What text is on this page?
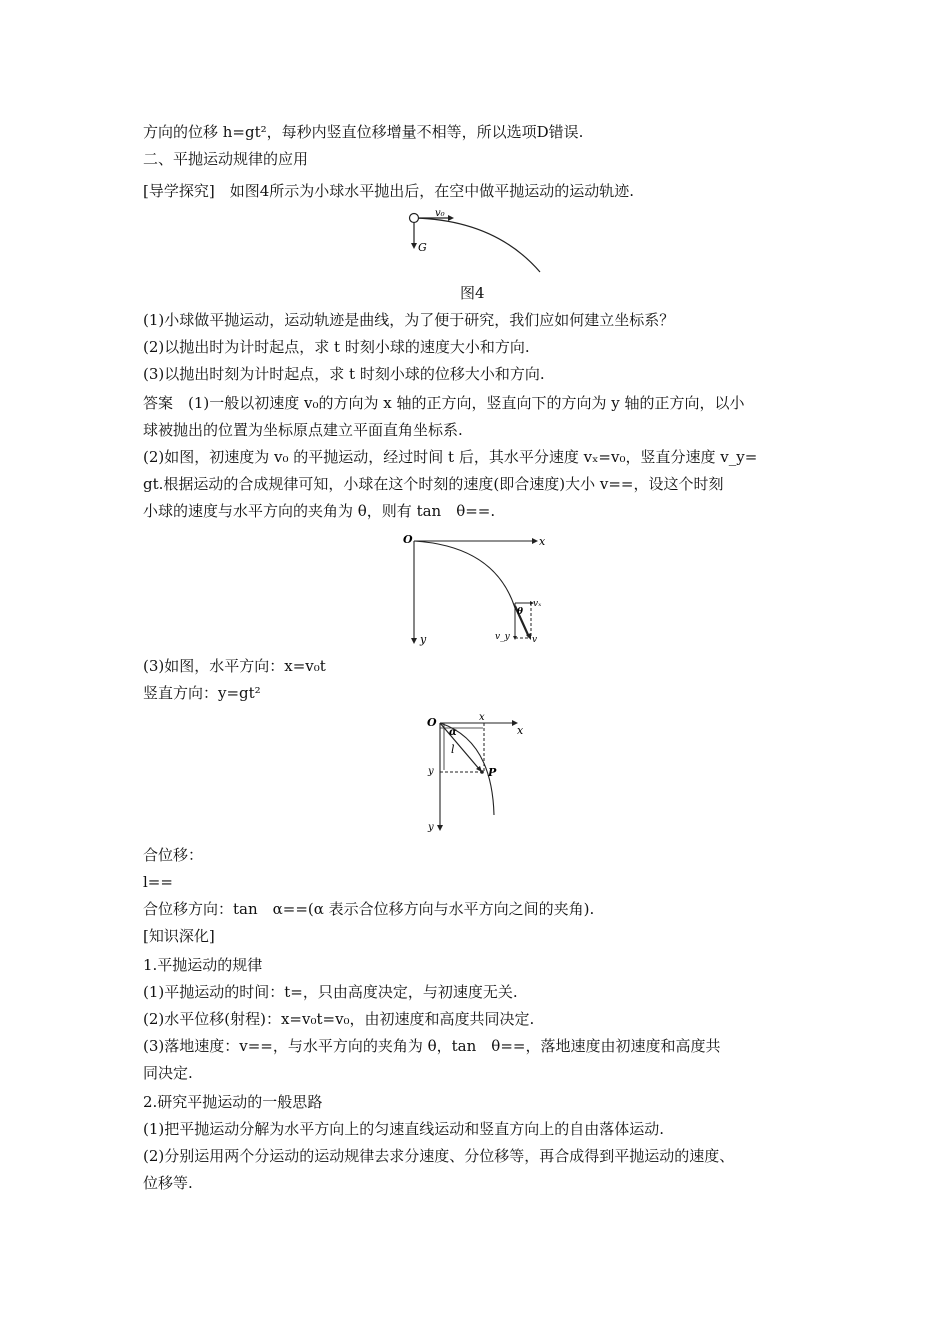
方向的位移 h=gt²，每秒内竖直位移增量不相等，所以选项D错误.
二、平抛运动规律的应用
[导学探究]　如图4所示为小球水平抛出后，在空中做平抛运动的运动轨迹.
v₀
G
图4
(1)小球做平抛运动，运动轨迹是曲线，为了便于研究，我们应如何建立坐标系？
(2)以抛出时为计时起点，求 t 时刻小球的速度大小和方向.
(3)以抛出时刻为计时起点，求 t 时刻小球的位移大小和方向.
答案　(1)一般以初速度 v₀的方向为 x 轴的正方向，竖直向下的方向为 y 轴的正方向，以小
球被抛出的位置为坐标原点建立平面直角坐标系.
(2)如图，初速度为 v₀ 的平抛运动，经过时间 t 后，其水平分速度 vₓ=v₀，竖直分速度 v_y=
gt.根据运动的合成规律可知，小球在这个时刻的速度(即合速度)大小 v==，设这个时刻
小球的速度与水平方向的夹角为 θ，则有 tan　θ==.
O	x
y
vₓ
θ
v_y v
(3)如图，水平方向：x=v₀t
竖直方向：y=gt²
O
x
x
α
l
y	P
y
合位移：
l==
合位移方向：tan　α==(α 表示合位移方向与水平方向之间的夹角).
[知识深化]
1.平抛运动的规律
(1)平抛运动的时间：t=，只由高度决定，与初速度无关.
(2)水平位移(射程)：x=v₀t=v₀，由初速度和高度共同决定.
(3)落地速度：v==，与水平方向的夹角为 θ，tan　θ==，落地速度由初速度和高度共
同决定.
2.研究平抛运动的一般思路
(1)把平抛运动分解为水平方向上的匀速直线运动和竖直方向上的自由落体运动.
(2)分别运用两个分运动的运动规律去求分速度、分位移等，再合成得到平抛运动的速度、
位移等.
